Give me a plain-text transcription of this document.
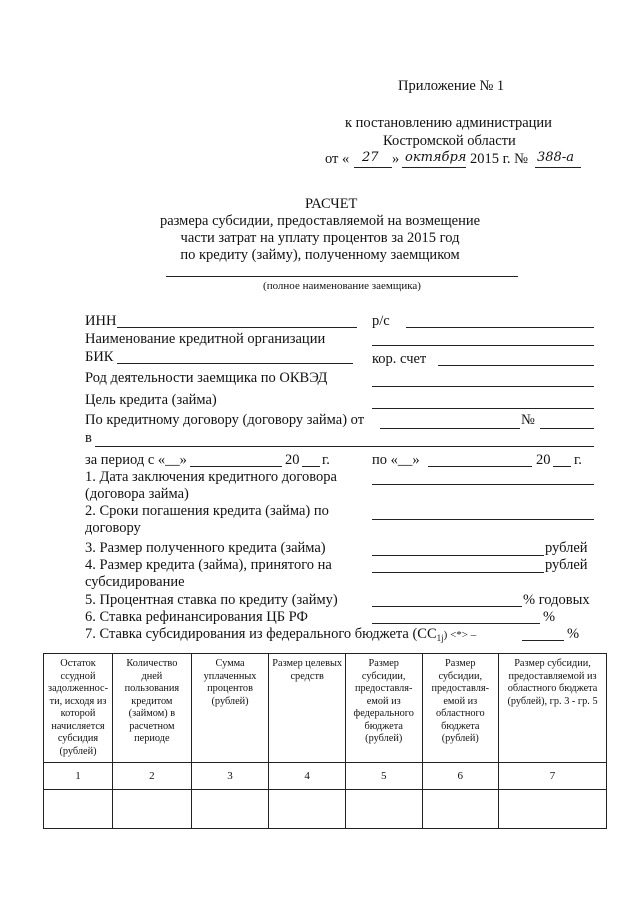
Приложение № 1
к постановлению администрации
Костромской области
от « 27 » октября 2015 г. № 388-а
РАСЧЕТ
размера субсидии, предоставляемой на возмещение
части затрат на уплату процентов за 2015 год
по кредиту (займу), полученному заемщиком
(полное наименование заемщика)
ИНН	р/с
Наименование кредитной организации
БИК	кор. счет
Род деятельности заемщика по ОКВЭД
Цель кредита (займа)
По кредитному договору (договору займа) от	№
в
за период с «__»	20 г.	по «__»	20 г.
1. Дата заключения кредитного договора
(договора займа)
2. Сроки погашения кредита (займа) по
договору
3. Размер полученного кредита (займа)	рублей
4. Размер кредита (займа), принятого на
субсидирование
рублей
5. Процентная ставка по кредиту (займу)	% годовых
6. Ставка рефинансирования ЦБ РФ	%
7. Ставка субсидирования из федерального бюджета $(СС_{1j})$ <*> –	%
Остаток ссудной задолженнос-ти, исходя из которой начисляется субсидия (рублей)	Количество дней пользования кредитом (займом) в расчетном периоде	Сумма уплаченных процентов (рублей)	Размер целевых средств	Размер субсидии, предоставля-емой из федерального бюджета (рублей)	Размер субсидии, предоставля-емой из областного бюджета (рублей)	Размер субсидии, предоставляемой из областного бюджета (рублей), гр. 3 - гр. 5
1	2	3	4	5	6	7
